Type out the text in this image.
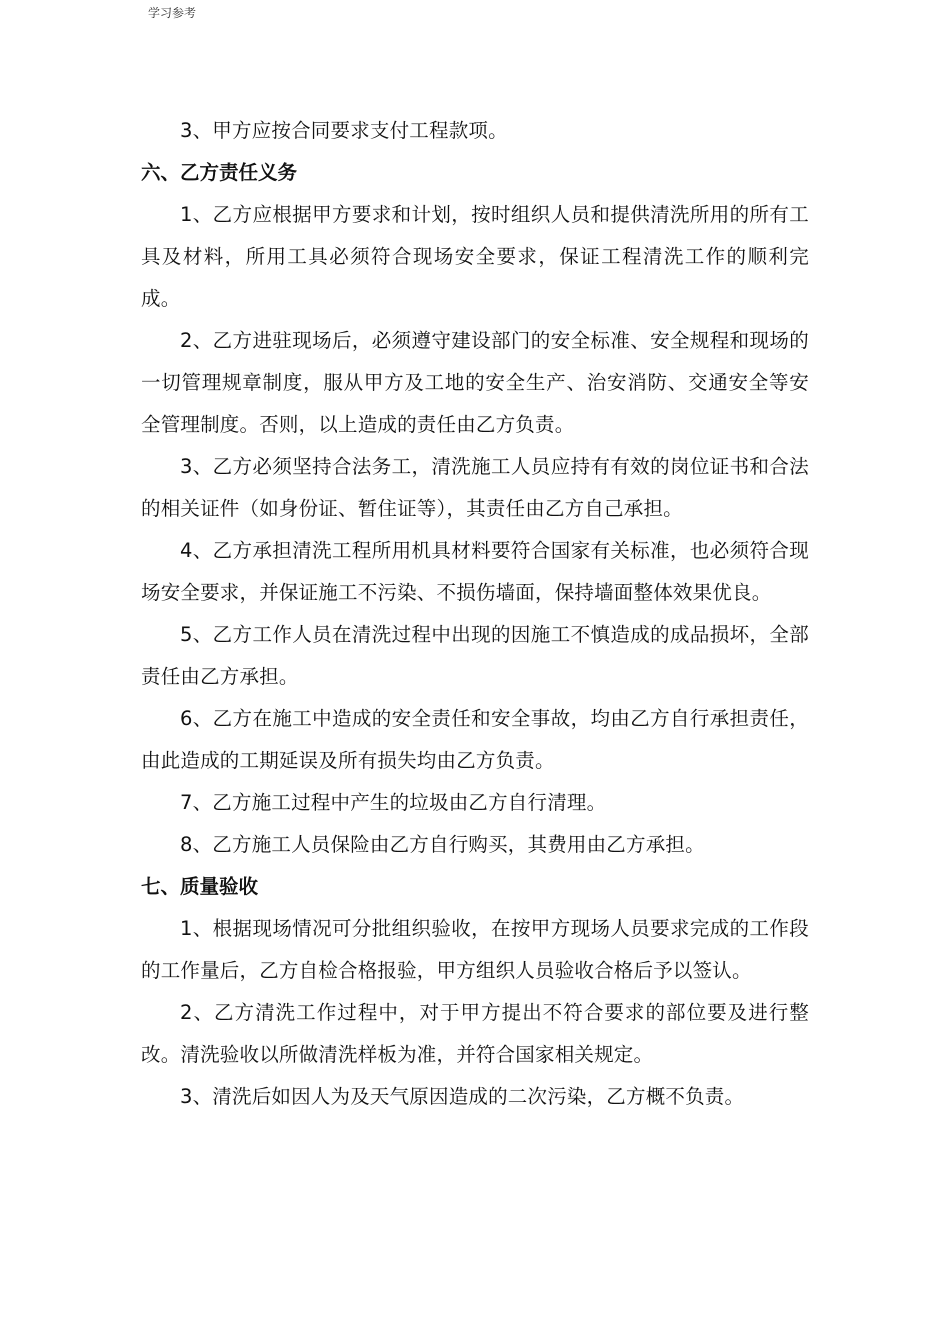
学习参考

3、甲方应按合同要求支付工程款项。

六、乙方责任义务

1、乙方应根据甲方要求和计划，按时组织人员和提供清洗所用的所有工具及材料，所用工具必须符合现场安全要求，保证工程清洗工作的顺利完成。

2、乙方进驻现场后，必须遵守建设部门的安全标准、安全规程和现场的一切管理规章制度，服从甲方及工地的安全生产、治安消防、交通安全等安全管理制度。否则，以上造成的责任由乙方负责。

3、乙方必须坚持合法务工，清洗施工人员应持有有效的岗位证书和合法的相关证件（如身份证、暂住证等），其责任由乙方自己承担。

4、乙方承担清洗工程所用机具材料要符合国家有关标准，也必须符合现场安全要求，并保证施工不污染、不损伤墙面，保持墙面整体效果优良。

5、乙方工作人员在清洗过程中出现的因施工不慎造成的成品损坏，全部责任由乙方承担。

6、乙方在施工中造成的安全责任和安全事故，均由乙方自行承担责任，由此造成的工期延误及所有损失均由乙方负责。

7、乙方施工过程中产生的垃圾由乙方自行清理。

8、乙方施工人员保险由乙方自行购买，其费用由乙方承担。

七、质量验收

1、根据现场情况可分批组织验收，在按甲方现场人员要求完成的工作段的工作量后，乙方自检合格报验，甲方组织人员验收合格后予以签认。

2、乙方清洗工作过程中，对于甲方提出不符合要求的部位要及进行整改。清洗验收以所做清洗样板为准，并符合国家相关规定。

3、清洗后如因人为及天气原因造成的二次污染，乙方概不负责。
